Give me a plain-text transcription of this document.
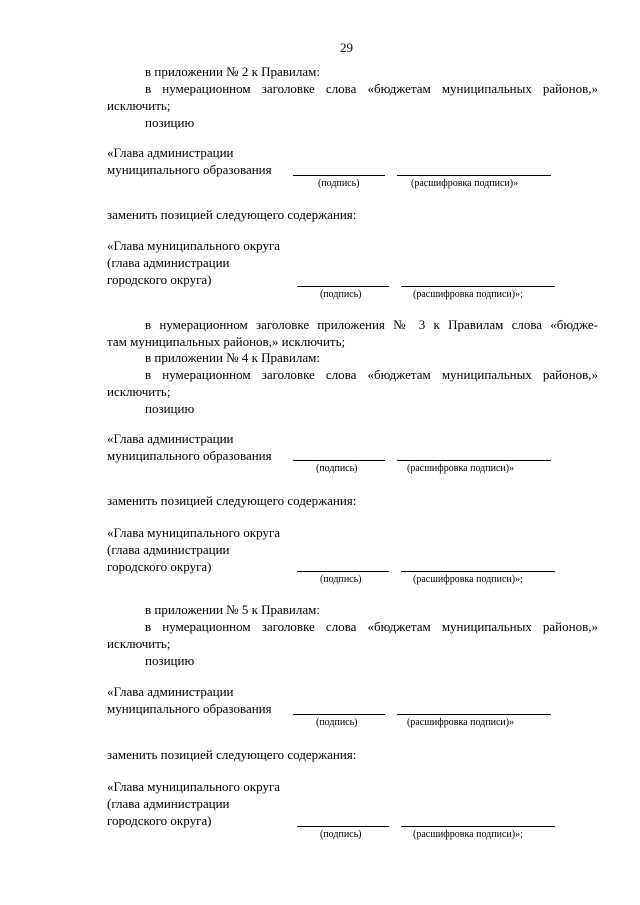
29
в приложении № 2 к Правилам:
в нумерационном заголовке слова «бюджетам муниципальных районов,»
исключить;
позицию
«Глава администрации
муниципального образования
(подпись)	(расшифровка подписи)»
заменить позицией следующего содержания:
«Глава муниципального округа
(глава администрации
городского округа)
(подпись)	(расшифровка подписи)»;
в нумерационном заголовке приложения № 3 к Правилам слова «бюдже-
там муниципальных районов,» исключить;
в приложении № 4 к Правилам:
в нумерационном заголовке слова «бюджетам муниципальных районов,»
исключить;
позицию
«Глава администрации
муниципального образования
(подпись)	(расшифровка подписи)»
заменить позицией следующего содержания:
«Глава муниципального округа
(глава администрации
городского округа)
(подпись)	(расшифровка подписи)»;
в приложении № 5 к Правилам:
в нумерационном заголовке слова «бюджетам муниципальных районов,»
исключить;
позицию
«Глава администрации
муниципального образования
(подпись)	(расшифровка подписи)»
заменить позицией следующего содержания:
«Глава муниципального округа
(глава администрации
городского округа)
(подпись)	(расшифровка подписи)»;
